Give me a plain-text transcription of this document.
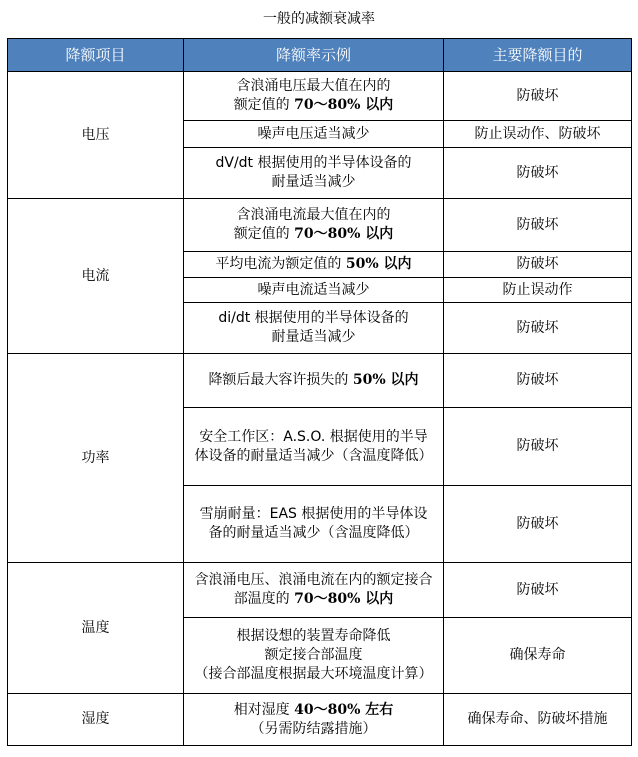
一般的减额衰减率
降额项目	降额率示例	主要降额目的
电压	含浪涌电压最大值在内的
额定值的 70～80% 以内	防破坏
	噪声电压适当减少	防止误动作、防破坏

	dV/dt 根据使用的半导体设备的
耐量适当减少	防破坏
电流	含浪涌电流最大值在内的
额定值的 70～80% 以内	防破坏
	平均电流为额定值的 50% 以内	防破坏
	噪声电流适当减少	防止误动作

	di/dt 根据使用的半导体设备的
耐量适当减少	防破坏
功率	降额后最大容许损失的 50% 以内	防破坏

	安全工作区：A.S.O. 根据使用的半导
体设备的耐量适当减少（含温度降低）	防破坏

	雪崩耐量：EAS 根据使用的半导体设
备的耐量适当减少（含温度降低）	防破坏
温度	含浪涌电压、浪涌电流在内的额定接合
部温度的 70～80% 以内	防破坏

	根据设想的装置寿命降低
额定接合部温度
（接合部温度根据最大环境温度计算）	确保寿命
湿度	相对湿度 40～80% 左右
（另需防结露措施）	确保寿命、防破坏措施
